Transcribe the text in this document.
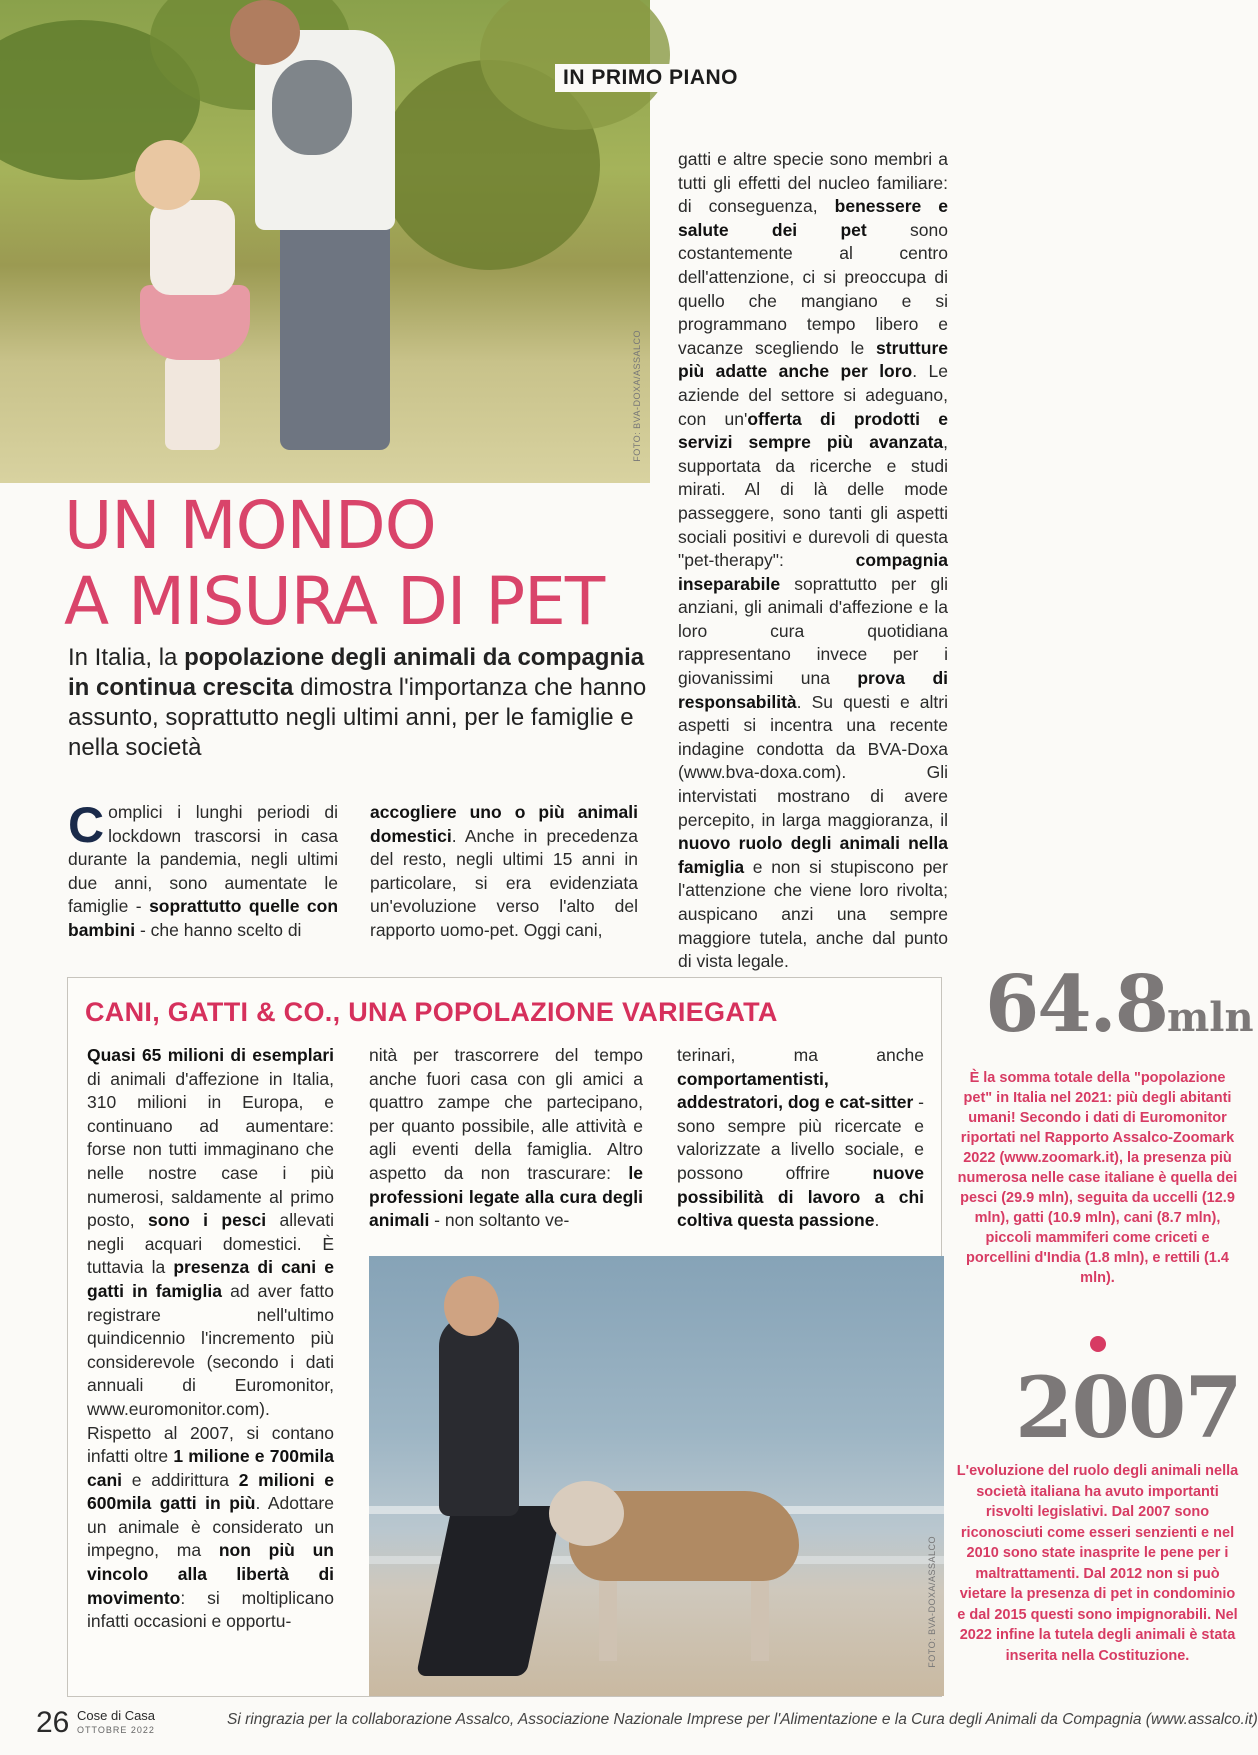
FOTO: BVA-DOXA/ASSALCO
IN PRIMO PIANO
UN MONDO
A MISURA DI PET

In Italia, la popolazione degli animali da compagnia in continua crescita dimostra l'importanza che hanno assunto, soprattutto negli ultimi anni, per le famiglie e nella società

Complici i lunghi periodi di lockdown trascorsi in casa durante la pandemia, negli ultimi due anni, sono aumentate le famiglie - soprattutto quelle con bambini - che hanno scelto di
accogliere uno o più animali domestici. Anche in precedenza del resto, negli ultimi 15 anni in particolare, si era evidenziata un'evoluzione verso l'alto del rapporto uomo-pet. Oggi cani,
gatti e altre specie sono membri a tutti gli effetti del nucleo familiare: di conseguenza, benessere e salute dei pet sono costantemente al centro dell'attenzione, ci si preoccupa di quello che mangiano e si programmano tempo libero e vacanze scegliendo le strutture più adatte anche per loro. Le aziende del settore si adeguano, con un'offerta di prodotti e servizi sempre più avanzata, supportata da ricerche e studi mirati. Al di là delle mode passeggere, sono tanti gli aspetti sociali positivi e durevoli di questa "pet-therapy": compagnia inseparabile soprattutto per gli anziani, gli animali d'affezione e la loro cura quotidiana rappresentano invece per i giovanissimi una prova di responsabilità. Su questi e altri aspetti si incentra una recente indagine condotta da BVA-Doxa (www.bva-doxa.com). Gli intervistati mostrano di avere percepito, in larga maggioranza, il nuovo ruolo degli animali nella famiglia e non si stupiscono per l'attenzione che viene loro rivolta; auspicano anzi una sempre maggiore tutela, anche dal punto di vista legale.
CANI, GATTI & CO., UNA POPOLAZIONE VARIEGATA
Quasi 65 milioni di esemplari di animali d'affezione in Italia, 310 milioni in Europa, e continuano ad aumentare: forse non tutti immaginano che nelle nostre case i più numerosi, saldamente al primo posto, sono i pesci allevati negli acquari domestici. È tuttavia la presenza di cani e gatti in famiglia ad aver fatto registrare nell'ultimo quindicennio l'incremento più considerevole (secondo i dati annuali di Euromonitor, www.euromonitor.com). Rispetto al 2007, si contano infatti oltre 1 milione e 700mila cani e addirittura 2 milioni e 600mila gatti in più. Adottare un animale è considerato un impegno, ma non più un vincolo alla libertà di movimento: si moltiplicano infatti occasioni e opportu-
nità per trascorrere del tempo anche fuori casa con gli amici a quattro zampe che partecipano, per quanto possibile, alle attività e agli eventi della famiglia. Altro aspetto da non trascurare: le professioni legate alla cura degli animali - non soltanto ve-
terinari, ma anche comportamentisti, addestratori, dog e cat-sitter - sono sempre più ricercate e valorizzate a livello sociale, e possono offrire nuove possibilità di lavoro a chi coltiva questa passione.
FOTO: BVA-DOXA/ASSALCO
64.8mln
È la somma totale della "popolazione pet" in Italia nel 2021: più degli abitanti umani! Secondo i dati di Euromonitor riportati nel Rapporto Assalco-Zoomark 2022 (www.zoomark.it), la presenza più numerosa nelle case italiane è quella dei pesci (29.9 mln), seguita da uccelli (12.9 mln), gatti (10.9 mln), cani (8.7 mln), piccoli mammiferi come criceti e porcellini d'India (1.8 mln), e rettili (1.4 mln).
2007
L'evoluzione del ruolo degli animali nella società italiana ha avuto importanti risvolti legislativi. Dal 2007 sono riconosciuti come esseri senzienti e nel 2010 sono state inasprite le pene per i maltrattamenti. Dal 2012 non si può vietare la presenza di pet in condominio e dal 2015 questi sono impignorabili. Nel 2022 infine la tutela degli animali è stata inserita nella Costituzione.
26 Cose di Casa
OTTOBRE 2022
Si ringrazia per la collaborazione Assalco, Associazione Nazionale Imprese per l'Alimentazione e la Cura degli Animali da Compagnia (www.assalco.it)
